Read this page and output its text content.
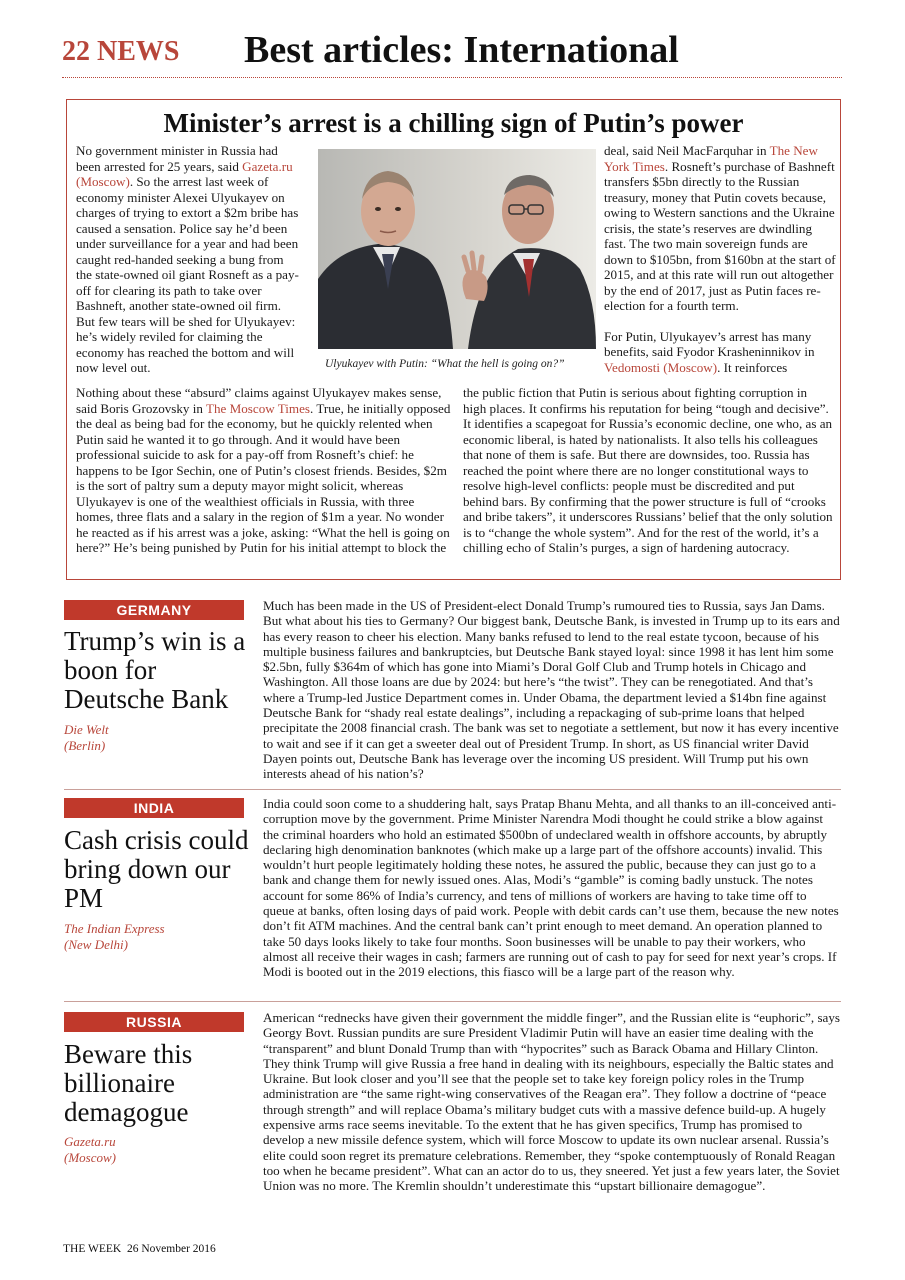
22 NEWS Best articles: International
Minister’s arrest is a chilling sign of Putin’s power

No government minister in Russia had been arrested for 25 years, said Gazeta.ru (Moscow). So the arrest last week of economy minister Alexei Ulyukayev on charges of trying to extort a $2m bribe has caused a sensation. Police say he’d been under surveillance for a year and had been caught red-handed seeking a bung from the state-owned oil giant Rosneft as a pay-off for clearing its path to take over Bashneft, another state-owned oil firm. But few tears will be shed for Ulyukayev: he’s widely reviled for claiming the economy has reached the bottom and will now level out.	Ulyukayev with Putin: “What the hell is going on?”

deal, said Neil MacFarquhar in The New York Times. Rosneft’s purchase of Bashneft transfers $5bn directly to the Russian treasury, money that Putin covets because, owing to Western sanctions and the Ukraine crisis, the state’s reserves are dwindling fast. The two main sovereign funds are down to $105bn, from $160bn at the start of 2015, and at this rate will run out altogether by the end of 2017, just as Putin faces re-election for a fourth term.

For Putin, Ulyukayev’s arrest has many benefits, said Fyodor Krasheninnikov in Vedomosti (Moscow). It reinforces

Nothing about these “absurd” claims against Ulyukayev makes sense, said Boris Grozovsky in The Moscow Times. True, he initially opposed the deal as being bad for the economy, but he quickly relented when Putin said he wanted it to go through. And it would have been professional suicide to ask for a pay-off from Rosneft’s chief: he happens to be Igor Sechin, one of Putin’s closest friends. Besides, $2m is the sort of paltry sum a deputy mayor might solicit, whereas Ulyukayev is one of the wealthiest officials in Russia, with three homes, three flats and a salary in the region of $1m a year. No wonder he reacted as if his arrest was a joke, asking: “What the hell is going on here?” He’s being punished by Putin for his initial attempt to block the

the public fiction that Putin is serious about fighting corruption in high places. It confirms his reputation for being “tough and decisive”. It identifies a scapegoat for Russia’s economic decline, one who, as an economic liberal, is hated by nationalists. It also tells his colleagues that none of them is safe. But there are downsides, too. Russia has reached the point where there are no longer constitutional ways to resolve high-level conflicts: people must be discredited and put behind bars. By confirming that the power structure is full of “crooks and bribe takers”, it underscores Russians’ belief that the only solution is to “change the whole system”. And for the rest of the world, it’s a chilling echo of Stalin’s purges, a sign of hardening autocracy.

GERMANY
Trump’s win is a boon for Deutsche Bank
Die Welt
(Berlin)
Much has been made in the US of President-elect Donald Trump’s rumoured ties to Russia, says Jan Dams. But what about his ties to Germany? Our biggest bank, Deutsche Bank, is invested in Trump up to its ears and has every reason to cheer his election. Many banks refused to lend to the real estate tycoon, because of his multiple business failures and bankruptcies, but Deutsche Bank stayed loyal: since 1998 it has lent him some $2.5bn, fully $364m of which has gone into Miami’s Doral Golf Club and Trump hotels in Chicago and Washington. All those loans are due by 2024: but here’s “the twist”. They can be renegotiated. And that’s where a Trump-led Justice Department comes in. Under Obama, the department levied a $14bn fine against Deutsche Bank for “shady real estate dealings”, including a repackaging of sub-prime loans that helped precipitate the 2008 financial crash. The bank was set to negotiate a settlement, but now it has every incentive to wait and see if it can get a sweeter deal out of President Trump. In short, as US financial writer David Dayen points out, Deutsche Bank has leverage over the incoming US president. Will Trump put his own interests ahead of his nation’s?
INDIA
Cash crisis could bring down our PM
The Indian Express
(New Delhi)
India could soon come to a shuddering halt, says Pratap Bhanu Mehta, and all thanks to an ill-conceived anti-corruption move by the government. Prime Minister Narendra Modi thought he could strike a blow against the criminal hoarders who hold an estimated $500bn of undeclared wealth in offshore accounts, by abruptly declaring high denomination banknotes (which make up a large part of the offshore accounts) invalid. This wouldn’t hurt people legitimately holding these notes, he assured the public, because they can just go to a bank and change them for newly issued ones. Alas, Modi’s “gamble” is coming badly unstuck. The notes account for some 86% of India’s currency, and tens of millions of workers are having to take time off to queue at banks, often losing days of paid work. People with debit cards can’t use them, because the new notes don’t fit ATM machines. And the central bank can’t print enough to meet demand. An operation planned to take 50 days looks likely to take four months. Soon businesses will be unable to pay their workers, who almost all receive their wages in cash; farmers are running out of cash to pay for seed for next year’s crops. If Modi is booted out in the 2019 elections, this fiasco will be a large part of the reason why.
RUSSIA
Beware this billionaire demagogue
Gazeta.ru
(Moscow)
American “rednecks have given their government the middle finger”, and the Russian elite is “euphoric”, says Georgy Bovt. Russian pundits are sure President Vladimir Putin will have an easier time dealing with the “transparent” and blunt Donald Trump than with “hypocrites” such as Barack Obama and Hillary Clinton. They think Trump will give Russia a free hand in dealing with its neighbours, especially the Baltic states and Ukraine. But look closer and you’ll see that the people set to take key foreign policy roles in the Trump administration are “the same right-wing conservatives of the Reagan era”. They follow a doctrine of “peace through strength” and will replace Obama’s military budget cuts with a massive defence build-up. A hugely expensive arms race seems inevitable. To the extent that he has given specifics, Trump has promised to develop a new missile defence system, which will force Moscow to update its own nuclear arsenal. Russia’s elite could soon regret its premature celebrations. Remember, they “spoke contemptuously of Ronald Reagan too when he became president”. What can an actor do to us, they sneered. Yet just a few years later, the Soviet Union was no more. The Kremlin shouldn’t underestimate this “upstart billionaire demagogue”.
THE WEEK 26 November 2016
